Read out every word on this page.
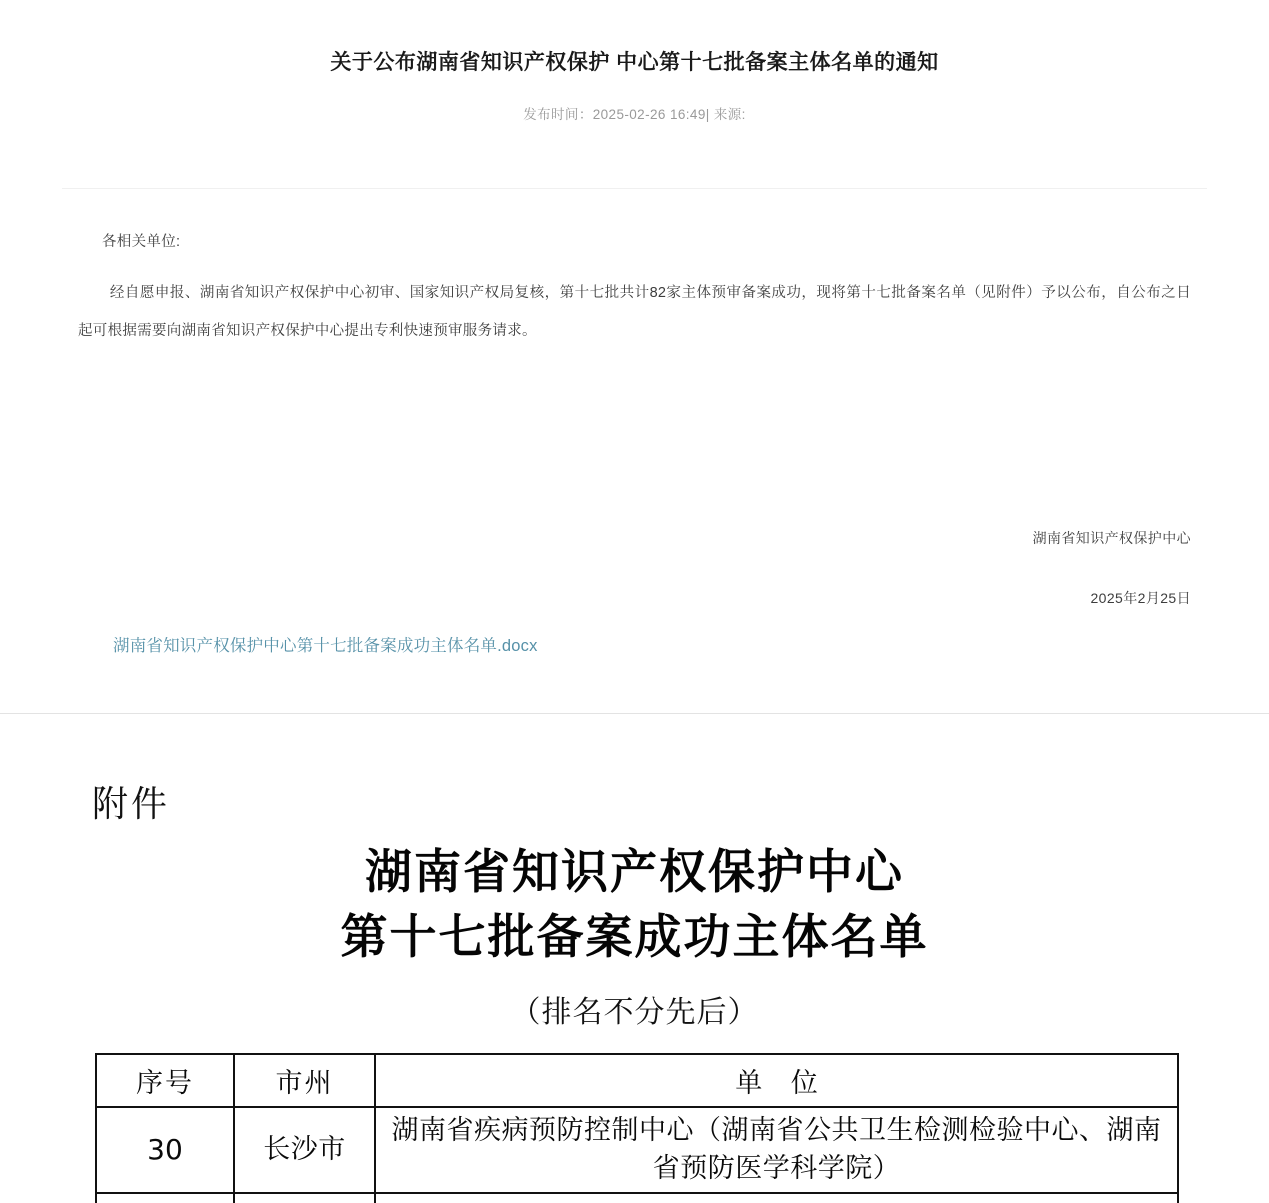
关于公布湖南省知识产权保护 中心第十七批备案主体名单的通知
发布时间：2025-02-26 16:49| 来源:

各相关单位:

经自愿申报、湖南省知识产权保护中心初审、国家知识产权局复核，第十七批共计82家主体预审备案成功，现将第十七批备案名单（见附件）予以公布，自公布之日起可根据需要向湖南省知识产权保护中心提出专利快速预审服务请求。

湖南省知识产权保护中心
2025年2月25日
湖南省知识产权保护中心第十七批备案成功主体名单.docx
附件
湖南省知识产权保护中心
第十七批备案成功主体名单
（排名不分先后）
序号	市州	单 位
30	长沙市	湖南省疾病预防控制中心（湖南省公共卫生检测检验中心、湖南省预防医学科学院）
